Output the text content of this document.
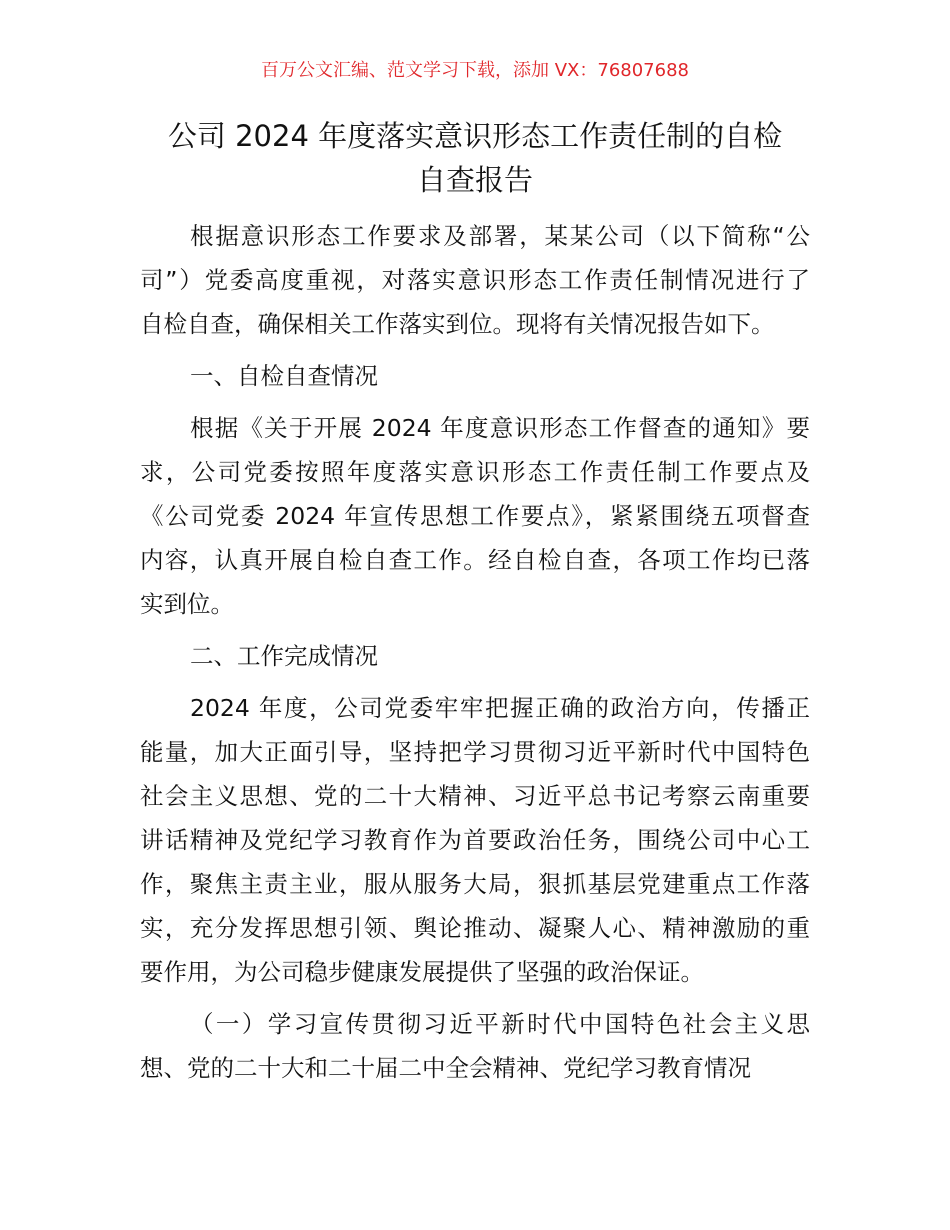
百万公文汇编、范文学习下载，添加 VX：76807688
公司 2024 年度落实意识形态工作责任制的自检
自查报告
根据意识形态工作要求及部署，某某公司（以下简称“公
司”）党委高度重视，对落实意识形态工作责任制情况进行了
自检自查，确保相关工作落实到位。现将有关情况报告如下。
一、自检自查情况
根据《关于开展 2024 年度意识形态工作督查的通知》要
求，公司党委按照年度落实意识形态工作责任制工作要点及
《公司党委 2024 年宣传思想工作要点》，紧紧围绕五项督查
内容，认真开展自检自查工作。经自检自查，各项工作均已落
实到位。
二、工作完成情况
2024 年度，公司党委牢牢把握正确的政治方向，传播正
能量，加大正面引导，坚持把学习贯彻习近平新时代中国特色
社会主义思想、党的二十大精神、习近平总书记考察云南重要
讲话精神及党纪学习教育作为首要政治任务，围绕公司中心工
作，聚焦主责主业，服从服务大局，狠抓基层党建重点工作落
实，充分发挥思想引领、舆论推动、凝聚人心、精神激励的重
要作用，为公司稳步健康发展提供了坚强的政治保证。
（一）学习宣传贯彻习近平新时代中国特色社会主义思
想、党的二十大和二十届二中全会精神、党纪学习教育情况
